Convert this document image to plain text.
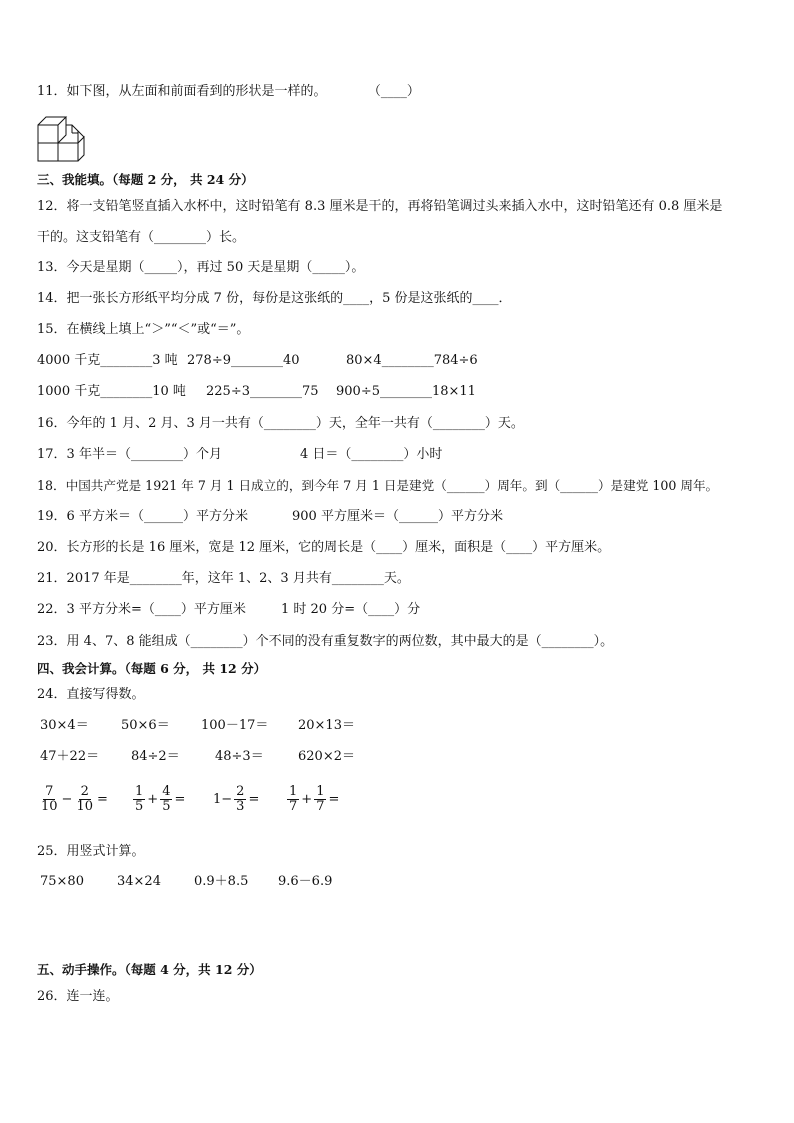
11．如下图，从左面和前面看到的形状是一样的。          （____）
三、我能填。（每题 2 分， 共 24 分）
12．将一支铅笔竖直插入水杯中，这时铅笔有 8.3 厘米是干的，再将铅笔调过头来插入水中，这时铅笔还有 0.8 厘米是
干的。这支铅笔有（________）长。
13．今天是星期（_____），再过 50 天是星期（_____）。
14．把一张长方形纸平均分成 7 份，每份是这张纸的____，5 份是这张纸的____．
15．在横线上填上“＞”“＜”或“＝”。
4000 千克________3 吨 278÷9________40	80×4________784÷6
1000 千克________10 吨 225÷3________75 900÷5________18×11
16．今年的 1 月、2 月、3 月一共有（________）天，全年一共有（________）天。
17．3 年半＝（________）个月	4 日＝（________）小时
18．中国共产党是 1921 年 7 月 1 日成立的，到今年 7 月 1 日是建党（______）周年。到（______）是建党 100 周年。
19．6 平方米＝（______）平方分米	900 平方厘米＝（______）平方分米
20．长方形的长是 16 厘米，宽是 12 厘米，它的周长是（____）厘米，面积是（____）平方厘米。
21．2017 年是________年，这年 1、2、3 月共有________天。
22．3 平方分米=（____）平方厘米	1 时 20 分=（____）分
23．用 4、7、8 能组成（________）个不同的没有重复数字的两位数，其中最大的是（________）。
四、我会计算。（每题 6 分， 共 12 分）
24．直接写得数。
30×4＝ 50×6＝ 100－17＝ 20×13＝
47＋22＝ 84÷2＝	48÷3＝	620×2＝
$\frac{7}{10} - \frac{2}{10} = \frac{1}{5} + \frac{4}{5} = 1- \frac{2}{3} = \frac{1}{7} + \frac{1}{7}$ =
25．用竖式计算。
75×80	34×24	0.9＋8.5 9.6－6.9
五、动手操作。（每题 4 分，共 12 分）
26．连一连。
